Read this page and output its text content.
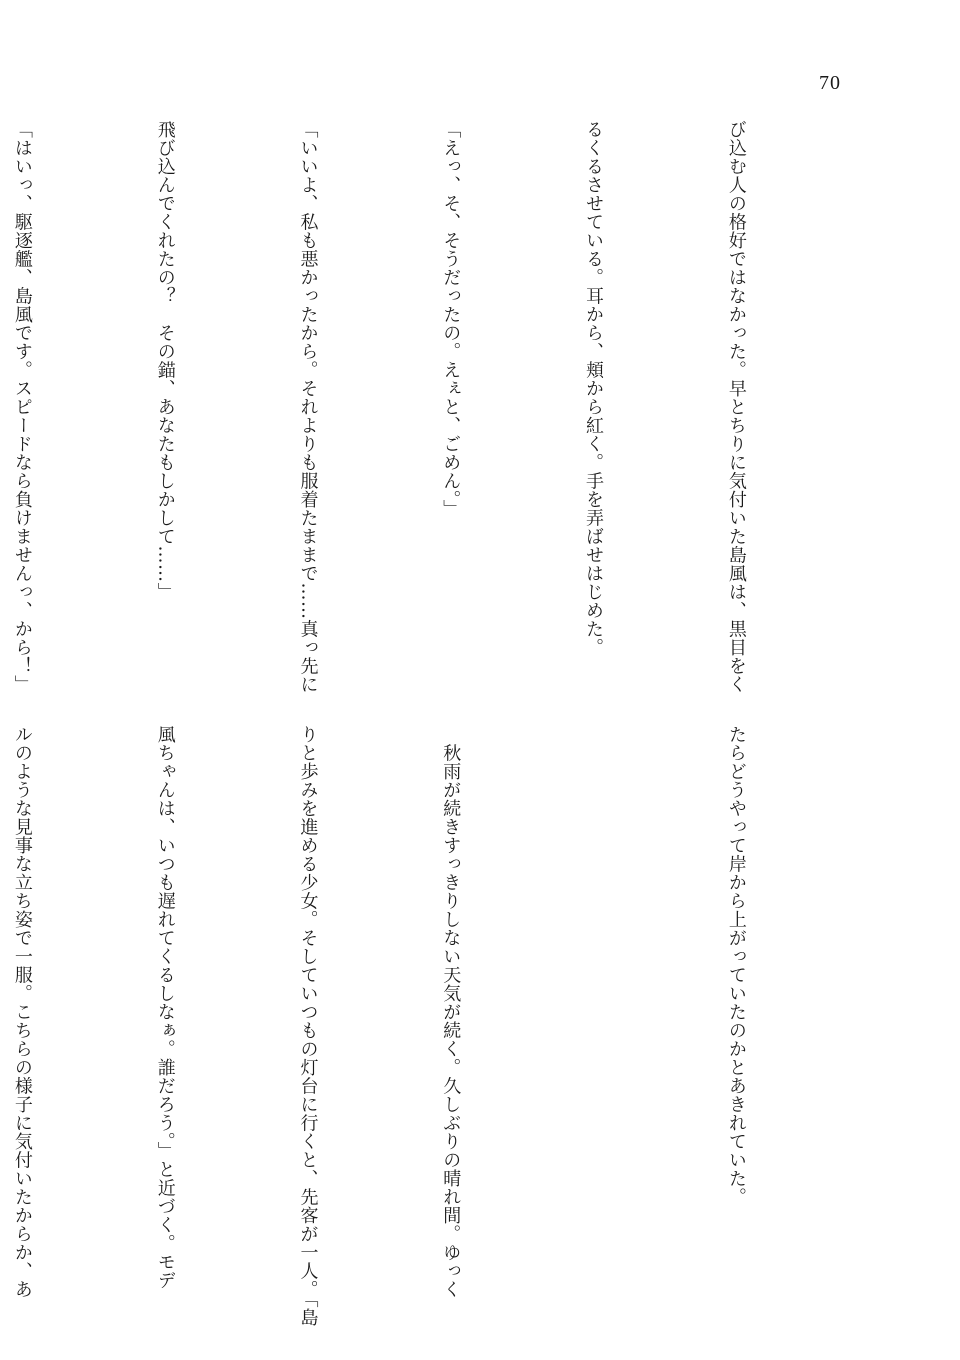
70

び込む人の格好ではなかった。早とちりに気付いた島風は、黒目をく

るくるさせている。耳から、頬から紅く。手を弄ばせはじめた。

「えっ、そ、そうだったの。えぇと、ごめん。」

「いいよ、私も悪かったから。それよりも服着たままで……真っ先に

飛び込んでくれたの？　その錨、あなたもしかして……」

「はいっ、駆逐艦、島風です。スピードなら負けませんっ、から！」

たらどうやって岸から上がっていたのかとあきれていた。

　秋雨が続きすっきりしない天気が続く。久しぶりの晴れ間。ゆっく

りと歩みを進める少女。そしていつもの灯台に行くと、先客が一人。「島

風ちゃんは、いつも遅れてくるしなぁ。誰だろう。」と近づく。モデ

ルのような見事な立ち姿で一服。こちらの様子に気付いたからか、あ
